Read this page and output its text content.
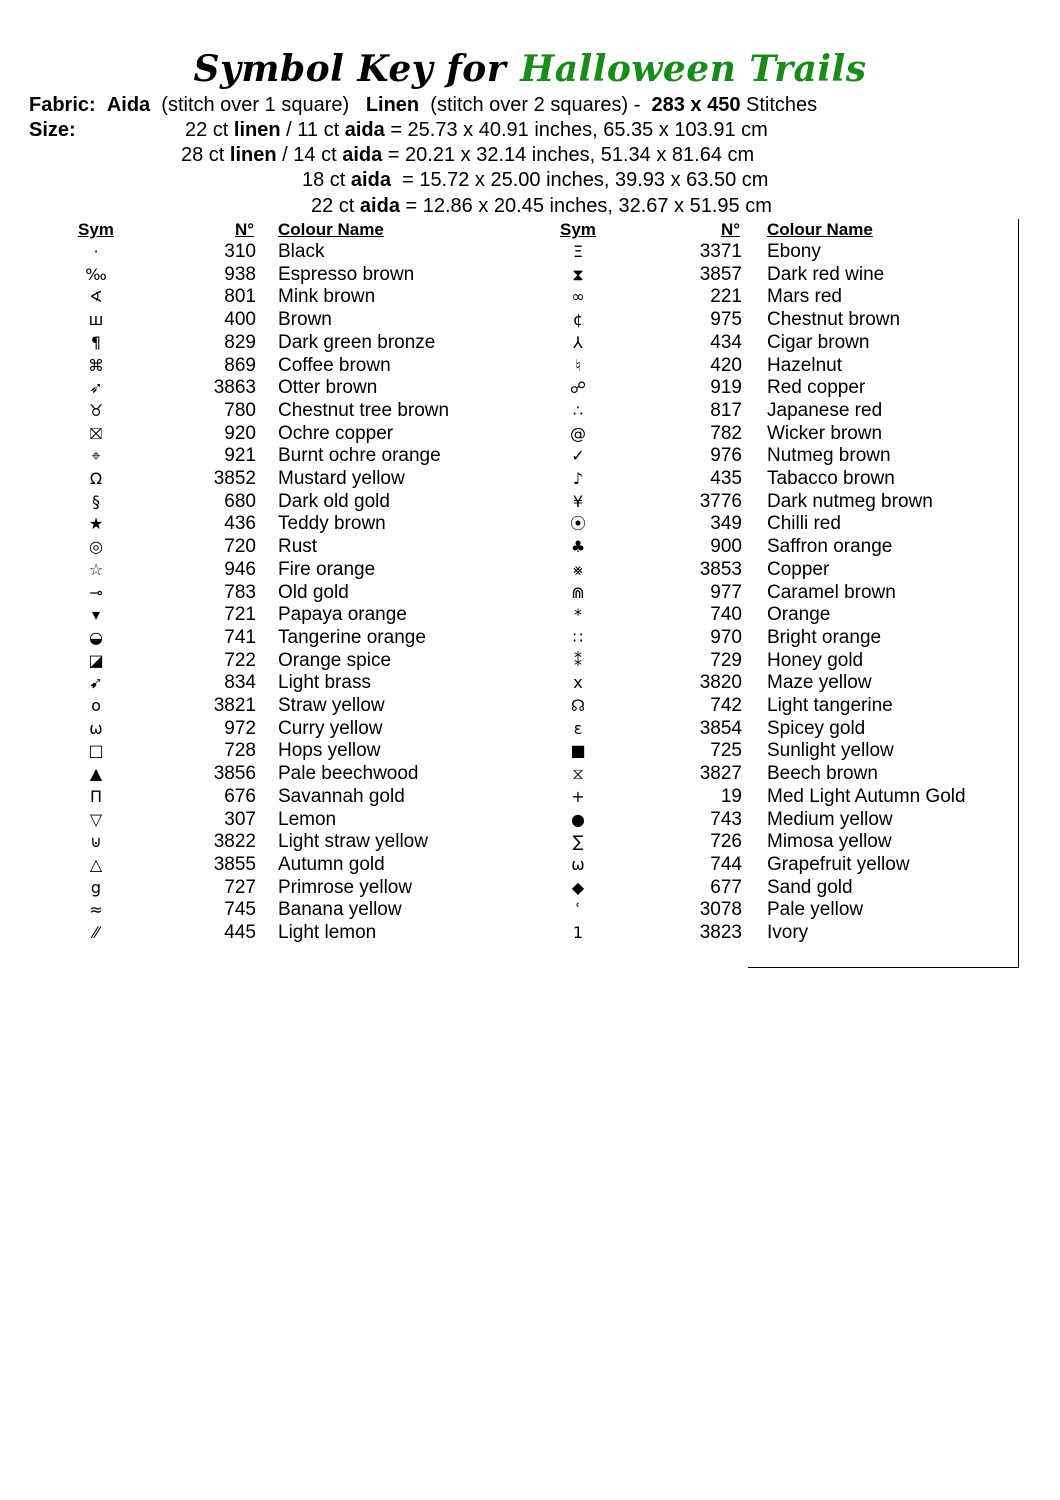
Symbol Key for Halloween Trails
Fabric: Aida (stitch over 1 square) Linen (stitch over 2 squares) - 283 x 450 Stitches
Size:	22 ct linen / 11 ct aida = 25.73 x 40.91 inches, 65.35 x 103.91 cm
28 ct linen / 14 ct aida = 20.21 x 32.14 inches, 51.34 x 81.64 cm
18 ct aida = 15.72 x 25.00 inches, 39.93 x 63.50 cm
22 ct aida = 12.86 x 20.45 inches, 32.67 x 51.95 cm
Sym	N° Colour Name
·	310 Black
‰	938 Espresso brown
∢	801 Mink brown
ш	400 Brown
¶	829 Dark green bronze
⌘	869 Coffee brown
➶	3863 Otter brown
♉	780 Chestnut tree brown
⛝	920 Ochre copper
⌖	921 Burnt ochre orange
Ω	3852 Mustard yellow
§	680 Dark old gold
★	436 Teddy brown
◎	720 Rust
☆	946 Fire orange
⊸	783 Old gold
▾	721 Papaya orange
◒	741 Tangerine orange
◪	722 Orange spice
➹	834 Light brass
o	3821 Straw yellow
ω	972 Curry yellow
□	728 Hops yellow
▲	3856 Pale beechwood
Π	676 Savannah gold
▽	307 Lemon
⊍	3822 Light straw yellow
△	3855 Autumn gold
g	727 Primrose yellow
≈	745 Banana yellow
⁄⁄	445 Light lemon
Sym	N° Colour Name
Ξ	3371 Ebony
⧗	3857 Dark red wine
∞	221 Mars red
¢	975 Chestnut brown
⅄	434 Cigar brown
♮	420 Hazelnut
☍	919 Red copper
∴	817 Japanese red
@	782 Wicker brown
✓	976 Nutmeg brown
♪	435 Tabacco brown
¥	3776 Dark nutmeg brown
⦿	349 Chilli red
♣	900 Saffron orange
⨳	3853 Copper
⋒	977 Caramel brown
*	740 Orange
∷	970 Bright orange
⁑	729 Honey gold
x	3820 Maze yellow
☊	742 Light tangerine
ε	3854 Spicey gold
■	725 Sunlight yellow
⧖	3827 Beech brown
+	19 Med Light Autumn Gold
●	743 Medium yellow
∑	726 Mimosa yellow
ω	744 Grapefruit yellow
◆	677 Sand gold
ʿ	3078 Pale yellow
1	3823 Ivory
